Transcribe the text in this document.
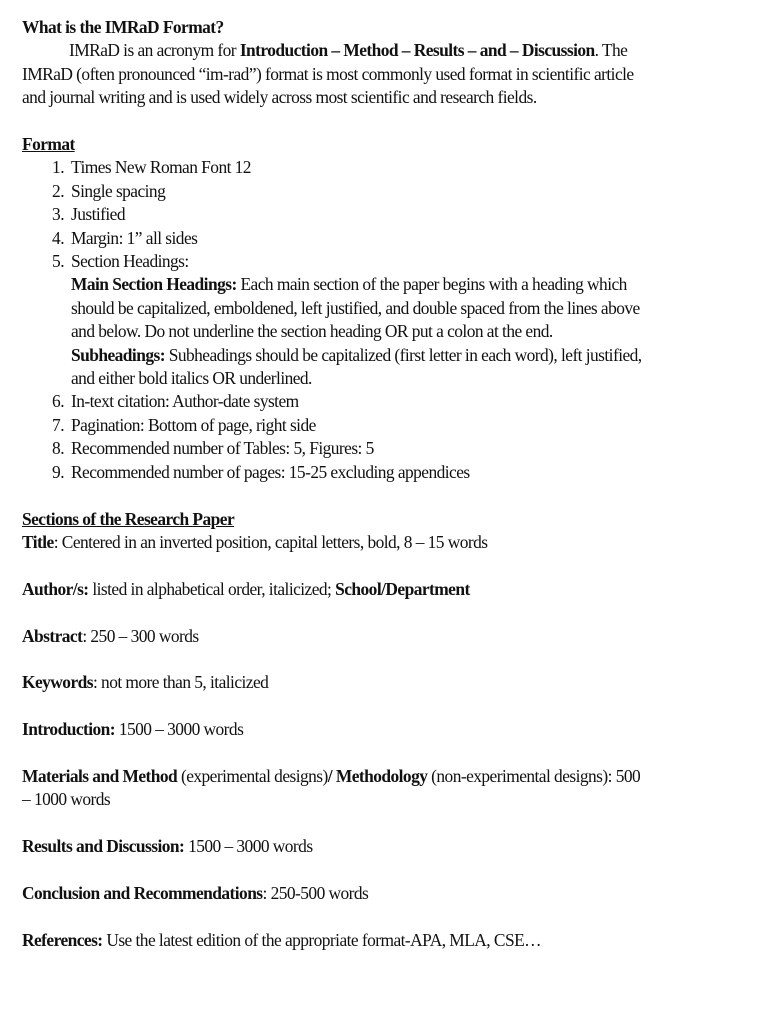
What is the IMRaD Format?
IMRaD is an acronym for Introduction – Method – Results – and – Discussion. The
IMRaD (often pronounced “im-rad”) format is most commonly used format in scientific article
and journal writing and is used widely across most scientific and research fields.
Format
1. Times New Roman Font 12
2. Single spacing
3. Justified
4. Margin: 1” all sides
5. Section Headings:
Main Section Headings: Each main section of the paper begins with a heading which
should be capitalized, emboldened, left justified, and double spaced from the lines above
and below. Do not underline the section heading OR put a colon at the end.
Subheadings: Subheadings should be capitalized (first letter in each word), left justified,
and either bold italics OR underlined.
6. In-text citation: Author-date system
7. Pagination: Bottom of page, right side
8. Recommended number of Tables: 5, Figures: 5
9. Recommended number of pages: 15-25 excluding appendices
Sections of the Research Paper
Title: Centered in an inverted position, capital letters, bold, 8 – 15 words
Author/s: listed in alphabetical order, italicized; School/Department
Abstract: 250 – 300 words
Keywords: not more than 5, italicized
Introduction: 1500 – 3000 words
Materials and Method (experimental designs)/ Methodology (non-experimental designs): 500
– 1000 words
Results and Discussion: 1500 – 3000 words
Conclusion and Recommendations: 250-500 words
References: Use the latest edition of the appropriate format-APA, MLA, CSE…
